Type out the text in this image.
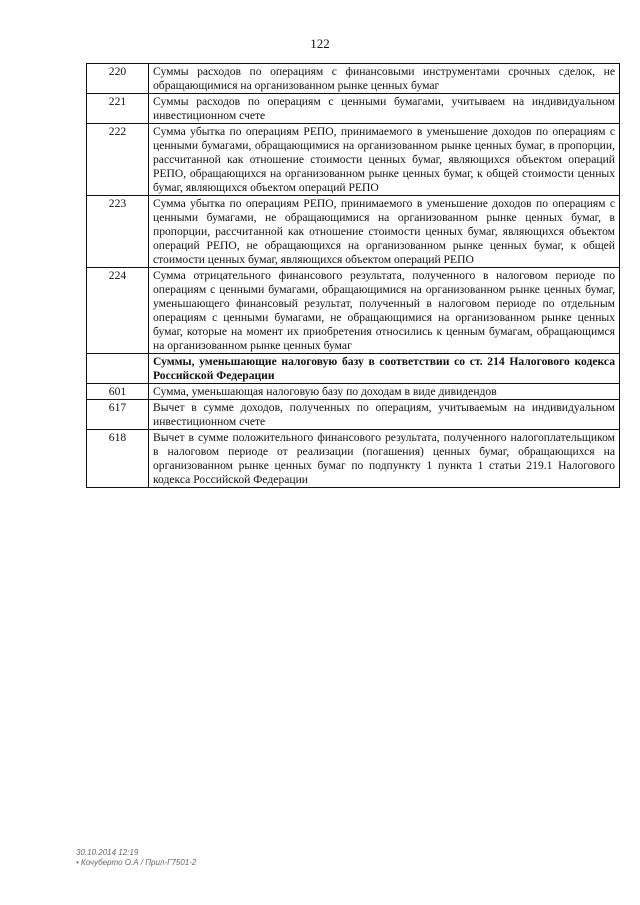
122
220	Суммы расходов по операциям с финансовыми инструментами срочных сделок, не обращающимися на организованном рынке ценных бумаг
221	Суммы расходов по операциям с ценными бумагами, учитываем на индивидуальном инвестиционном счете
222	Сумма убытка по операциям РЕПО, принимаемого в уменьшение доходов по операциям с ценными бумагами, обращающимися на организованном рынке ценных бумаг, в пропорции, рассчитанной как отношение стоимости ценных бумаг, являющихся объектом операций РЕПО, обращающихся на организованном рынке ценных бумаг, к общей стоимости ценных бумаг, являющихся объектом операций РЕПО
223	Сумма убытка по операциям РЕПО, принимаемого в уменьшение доходов по операциям с ценными бумагами, не обращающимися на организованном рынке ценных бумаг, в пропорции, рассчитанной как отношение стоимости ценных бумаг, являющихся объектом операций РЕПО, не обращающихся на организованном рынке ценных бумаг, к общей стоимости ценных бумаг, являющихся объектом операций РЕПО
224	Сумма отрицательного финансового результата, полученного в налоговом периоде по операциям с ценными бумагами, обращающимися на организованном рынке ценных бумаг, уменьшающего финансовый результат, полученный в налоговом периоде по отдельным операциям с ценными бумагами, не обращающимися на организованном рынке ценных бумаг, которые на момент их приобретения относились к ценным бумагам, обращающимся на организованном рынке ценных бумаг
	Суммы, уменьшающие налоговую базу в соответствии со ст. 214 Налогового кодекса Российской Федерации
601	Сумма, уменьшающая налоговую базу по доходам в виде дивидендов
617	Вычет в сумме доходов, полученных по операциям, учитываемым на индивидуальном инвестиционном счете
618	Вычет в сумме положительного финансового результата, полученного налогоплательщиком в налоговом периоде от реализации (погашения) ценных бумаг, обращающихся на организованном рынке ценных бумаг по подпункту 1 пункта 1 статьи 219.1 Налогового кодекса Российской Федерации
30.10.2014 12:19
• Кочуберто О.А / Прил-Г7501-2
